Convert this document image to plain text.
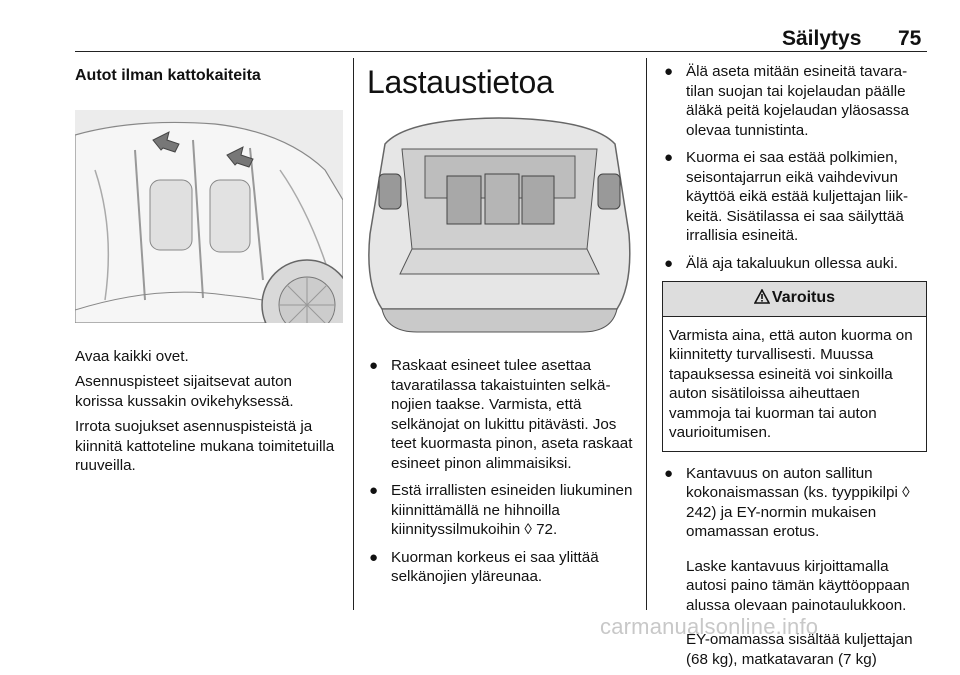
Säilytys 75
Autot ilman kattokaiteita

Avaa kaikki ovet.

Asennuspisteet sijaitsevat auton korissa kussakin ovikehyksessä.

Irrota suojukset asennuspisteistä ja kiinnitä kattoteline mukana toimitetuilla ruuveilla.

Lastaustietoa
● Raskaat esineet tulee asettaa tavaratilassa takaistuinten selkänojien taakse. Varmista, että selkänojat on lukittu pitävästi. Jos teet kuormasta pinon, aseta raskaat esineet pinon alimmaisiksi.
● Estä irrallisten esineiden liukuminen kiinnittämällä ne hihnoilla kiinnityssilmukoihin ◊ 72.
● Kuorman korkeus ei saa ylittää selkänojien yläreunaa.
● Älä aseta mitään esineitä tavaratilan suojan tai kojelaudan päälle äläkä peitä kojelaudan yläosassa olevaa tunnistinta.
● Kuorma ei saa estää polkimien, seisontajarrun eikä vaihdevivun käyttöä eikä estää kuljettajan liikkeitä. Sisätilassa ei saa säilyttää irrallisia esineitä.
● Älä aja takaluukun ollessa auki.
Varoitus
Varmista aina, että auton kuorma on kiinnitetty turvallisesti. Muussa tapauksessa esineitä voi sinkoilla auton sisätiloissa aiheuttaen vammoja tai kuorman tai auton vaurioitumisen.
● Kantavuus on auton sallitun kokonaismassan (ks. tyyppikilpi ◊ 242) ja EY-normin mukaisen omamassan erotus.

Laske kantavuus kirjoittamalla autosi paino tämän käyttöoppaan alussa olevaan painotaulukkoon.

EY-omamassa sisältää kuljettajan (68 kg), matkatavaran (7 kg)

carmanualsonline.info
